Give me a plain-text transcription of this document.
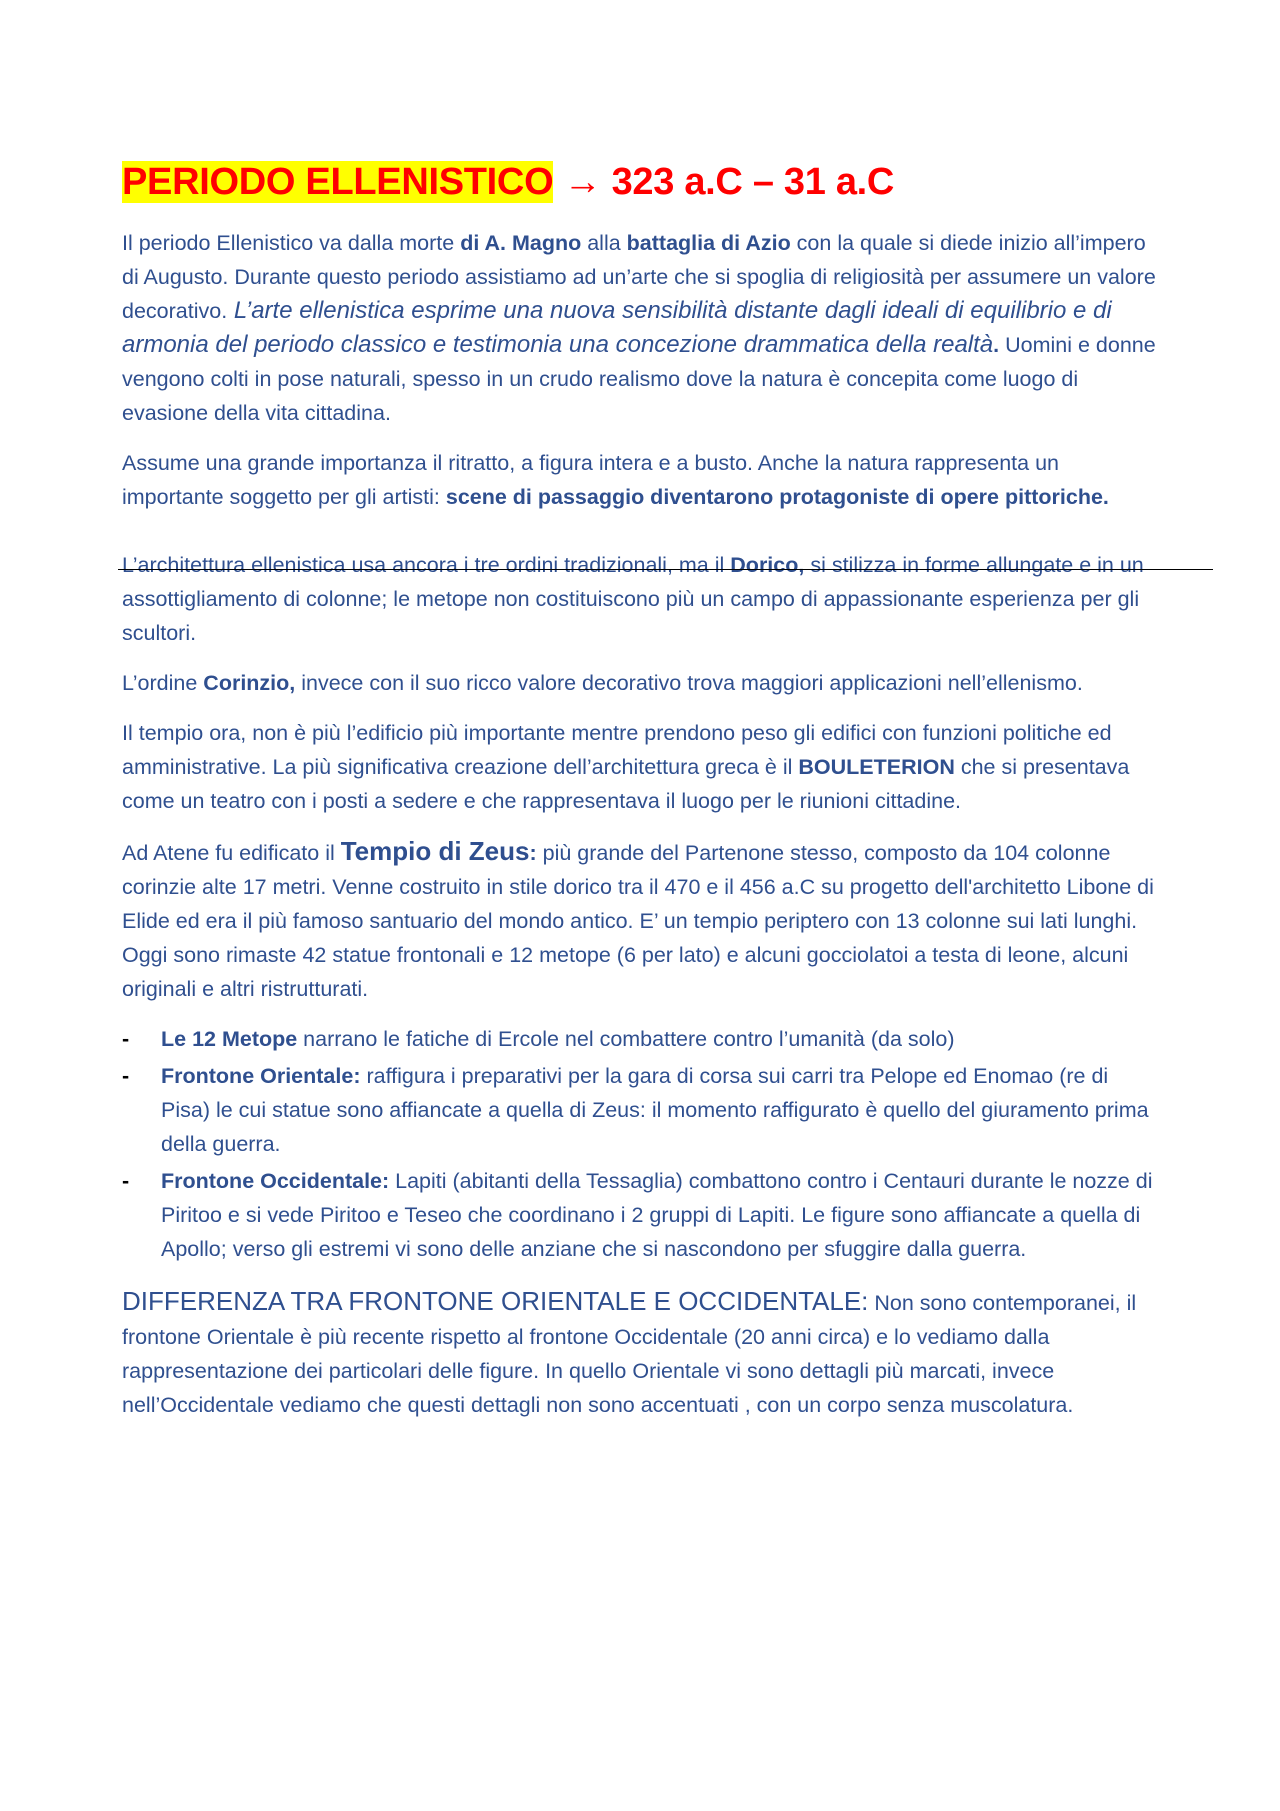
PERIODO ELLENISTICO → 323 a.C – 31 a.C

Il periodo Ellenistico va dalla morte di A. Magno alla battaglia di Azio con la quale si diede inizio all’impero di Augusto. Durante questo periodo assistiamo ad un’arte che si spoglia di religiosità per assumere un valore decorativo. L’arte ellenistica esprime una nuova sensibilità distante dagli ideali di equilibrio e di armonia del periodo classico e testimonia una concezione drammatica della realtà. Uomini e donne vengono colti in pose naturali, spesso in un crudo realismo dove la natura è concepita come luogo di evasione della vita cittadina.

Assume una grande importanza il ritratto, a figura intera e a busto. Anche la natura rappresenta un importante soggetto per gli artisti: scene di passaggio diventarono protagoniste di opere pittoriche.

L’architettura ellenistica usa ancora i tre ordini tradizionali, ma il Dorico, si stilizza in forme allungate e in un assottigliamento di colonne; le metope non costituiscono più un campo di appassionante esperienza per gli scultori.

L’ordine Corinzio, invece con il suo ricco valore decorativo trova maggiori applicazioni nell’ellenismo.

Il tempio ora, non è più l’edificio più importante mentre prendono peso gli edifici con funzioni politiche ed amministrative. La più significativa creazione dell’architettura greca è il BOULETERION che si presentava come un teatro con i posti a sedere e che rappresentava il luogo per le riunioni cittadine.

Ad Atene fu edificato il Tempio di Zeus: più grande del Partenone stesso, composto da 104 colonne corinzie alte 17 metri. Venne costruito in stile dorico tra il 470 e il 456 a.C su progetto dell'architetto Libone di Elide ed era il più famoso santuario del mondo antico. E’ un tempio periptero con 13 colonne sui lati lunghi. Oggi sono rimaste 42 statue frontonali e 12 metope (6 per lato) e alcuni gocciolatoi a testa di leone, alcuni originali e altri ristrutturati.

- Le 12 Metope narrano le fatiche di Ercole nel combattere contro l’umanità (da solo)
- Frontone Orientale: raffigura i preparativi per la gara di corsa sui carri tra Pelope ed Enomao (re di Pisa) le cui statue sono affiancate a quella di Zeus: il momento raffigurato è quello del giuramento prima della guerra.
- Frontone Occidentale: Lapiti (abitanti della Tessaglia) combattono contro i Centauri durante le nozze di Piritoo e si vede Piritoo e Teseo che coordinano i 2 gruppi di Lapiti. Le figure sono affiancate a quella di Apollo; verso gli estremi vi sono delle anziane che si nascondono per sfuggire dalla guerra.

DIFFERENZA TRA FRONTONE ORIENTALE E OCCIDENTALE: Non sono contemporanei, il frontone Orientale è più recente rispetto al frontone Occidentale (20 anni circa) e lo vediamo dalla rappresentazione dei particolari delle figure. In quello Orientale vi sono dettagli più marcati, invece nell’Occidentale vediamo che questi dettagli non sono accentuati , con un corpo senza muscolatura.
